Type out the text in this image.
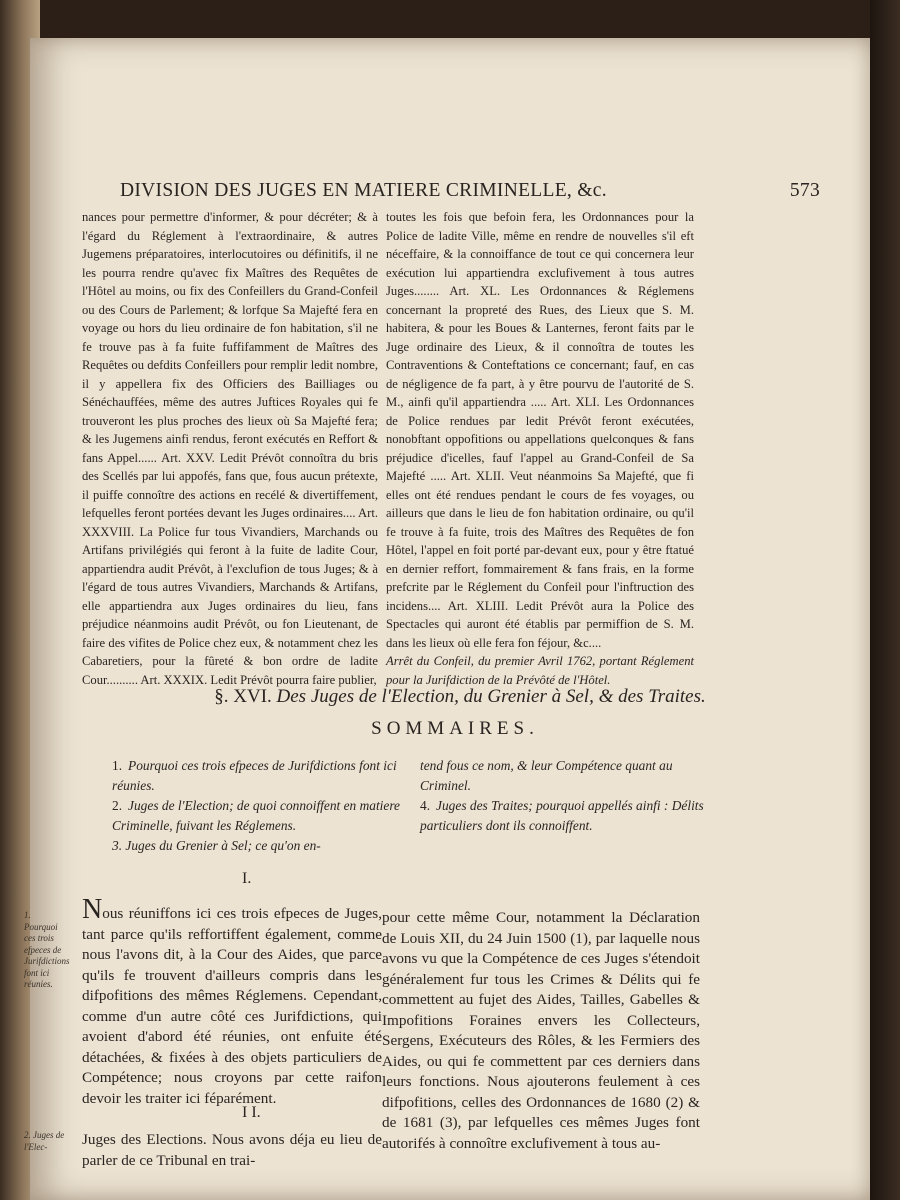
DIVISION DES JUGES EN MATIERE CRIMINELLE, &c.	573

nances pour permettre d'informer, & pour décréter; & à l'égard du Réglement à l'extraordinaire, & autres Jugemens préparatoires, interlocutoires ou définitifs, il ne les pourra rendre qu'avec fix Maîtres des Requêtes de l'Hôtel au moins, ou fix des Confeillers du Grand-Confeil ou des Cours de Parlement; & lorfque Sa Majefté fera en voyage ou hors du lieu ordinaire de fon habitation, s'il ne fe trouve pas à fa fuite fuffifamment de Maîtres des Requêtes ou defdits Confeillers pour remplir ledit nombre, il y appellera fix des Officiers des Bailliages ou Sénéchauffées, même des autres Juftices Royales qui fe trouveront les plus proches des lieux où Sa Majefté fera; & les Jugemens ainfi rendus, feront exécutés en Reffort & fans Appel...... Art. XXV. Ledit Prévôt connoîtra du bris des Scellés par lui appofés, fans que, fous aucun prétexte, il puiffe connoître des actions en recélé & divertiffement, lefquelles feront portées devant les Juges ordinaires.... Art. XXXVIII. La Police fur tous Vivandiers, Marchands ou Artifans privilégiés qui feront à la fuite de ladite Cour, appartiendra audit Prévôt, à l'exclufion de tous Juges; & à l'égard de tous autres Vivandiers, Marchands & Artifans, elle appartiendra aux Juges ordinaires du lieu, fans préjudice néanmoins audit Prévôt, ou fon Lieutenant, de faire des vifites de Police chez eux, & notamment chez les Cabaretiers, pour la fûreté & bon ordre de ladite Cour.......... Art. XXXIX. Ledit Prévôt pourra faire publier,

toutes les fois que befoin fera, les Ordonnances pour la Police de ladite Ville, même en rendre de nouvelles s'il eft néceffaire, & la connoiffance de tout ce qui concernera leur exécution lui appartiendra exclufivement à tous autres Juges........ Art. XL. Les Ordonnances & Réglemens concernant la propreté des Rues, des Lieux que S. M. habitera, & pour les Boues & Lanternes, feront faits par le Juge ordinaire des Lieux, & il connoîtra de toutes les Contraventions & Conteftations ce concernant; fauf, en cas de négligence de fa part, à y être pourvu de l'autorité de S. M., ainfi qu'il appartiendra ..... Art. XLI. Les Ordonnances de Police rendues par ledit Prévôt feront exécutées, nonobftant oppofitions ou appellations quelconques & fans préjudice d'icelles, fauf l'appel au Grand-Confeil de Sa Majefté ..... Art. XLII. Veut néanmoins Sa Majefté, que fi elles ont été rendues pendant le cours de fes voyages, ou ailleurs que dans le lieu de fon habitation ordinaire, ou qu'il fe trouve à fa fuite, trois des Maîtres des Requêtes de fon Hôtel, l'appel en foit porté par-devant eux, pour y être ftatué en dernier reffort, fommairement & fans frais, en la forme prefcrite par le Réglement du Confeil pour l'inftruction des incidens.... Art. XLIII. Ledit Prévôt aura la Police des Spectacles qui auront été établis par permiffion de S. M. dans les lieux où elle fera fon féjour, &c....

Arrêt du Confeil, du premier Avril 1762, portant Réglement pour la Jurifdiction de la Prévôté de l'Hôtel.

§. XVI. Des Juges de l'Election, du Grenier à Sel, & des Traites.
SOMMAIRES.
1. Pourquoi ces trois efpeces de Jurifdictions font ici réunies.
2. Juges de l'Election; de quoi connoiffent en matiere Criminelle, fuivant les Réglemens.
3. Juges du Grenier à Sel; ce qu'on en-
tend fous ce nom, & leur Compétence quant au Criminel.
4. Juges des Traites; pourquoi appellés ainfi : Délits particuliers dont ils connoiffent.
I.
1. Pourquoi ces trois efpeces de Jurifdictions font ici réunies.
Nous réuniffons ici ces trois efpeces de Juges, tant parce qu'ils reffortiffent également, comme nous l'avons dit, à la Cour des Aides, que parce qu'ils fe trouvent d'ailleurs compris dans les difpofitions des mêmes Réglemens. Cependant, comme d'un autre côté ces Jurifdictions, qui avoient d'abord été réunies, ont enfuite été détachées, & fixées à des objets particuliers de Compétence; nous croyons par cette raifon devoir les traiter ici féparément.
pour cette même Cour, notamment la Déclaration de Louis XII, du 24 Juin 1500 (1), par laquelle nous avons vu que la Compétence de ces Juges s'étendoit généralement fur tous les Crimes & Délits qui fe commettent au fujet des Aides, Tailles, Gabelles & Impofitions Foraines envers les Collecteurs, Sergens, Exécuteurs des Rôles, & les Fermiers des Aides, ou qui fe commettent par ces derniers dans leurs fonctions. Nous ajouterons feulement à ces difpofitions, celles des Ordonnances de 1680 (2) & de 1681 (3), par lefquelles ces mêmes Juges font autorifés à connoître exclufivement à tous au-
I I.
2. Juges de l'Elec-	Juges des Elections. Nous avons déja eu lieu de parler de ce Tribunal en trai-
